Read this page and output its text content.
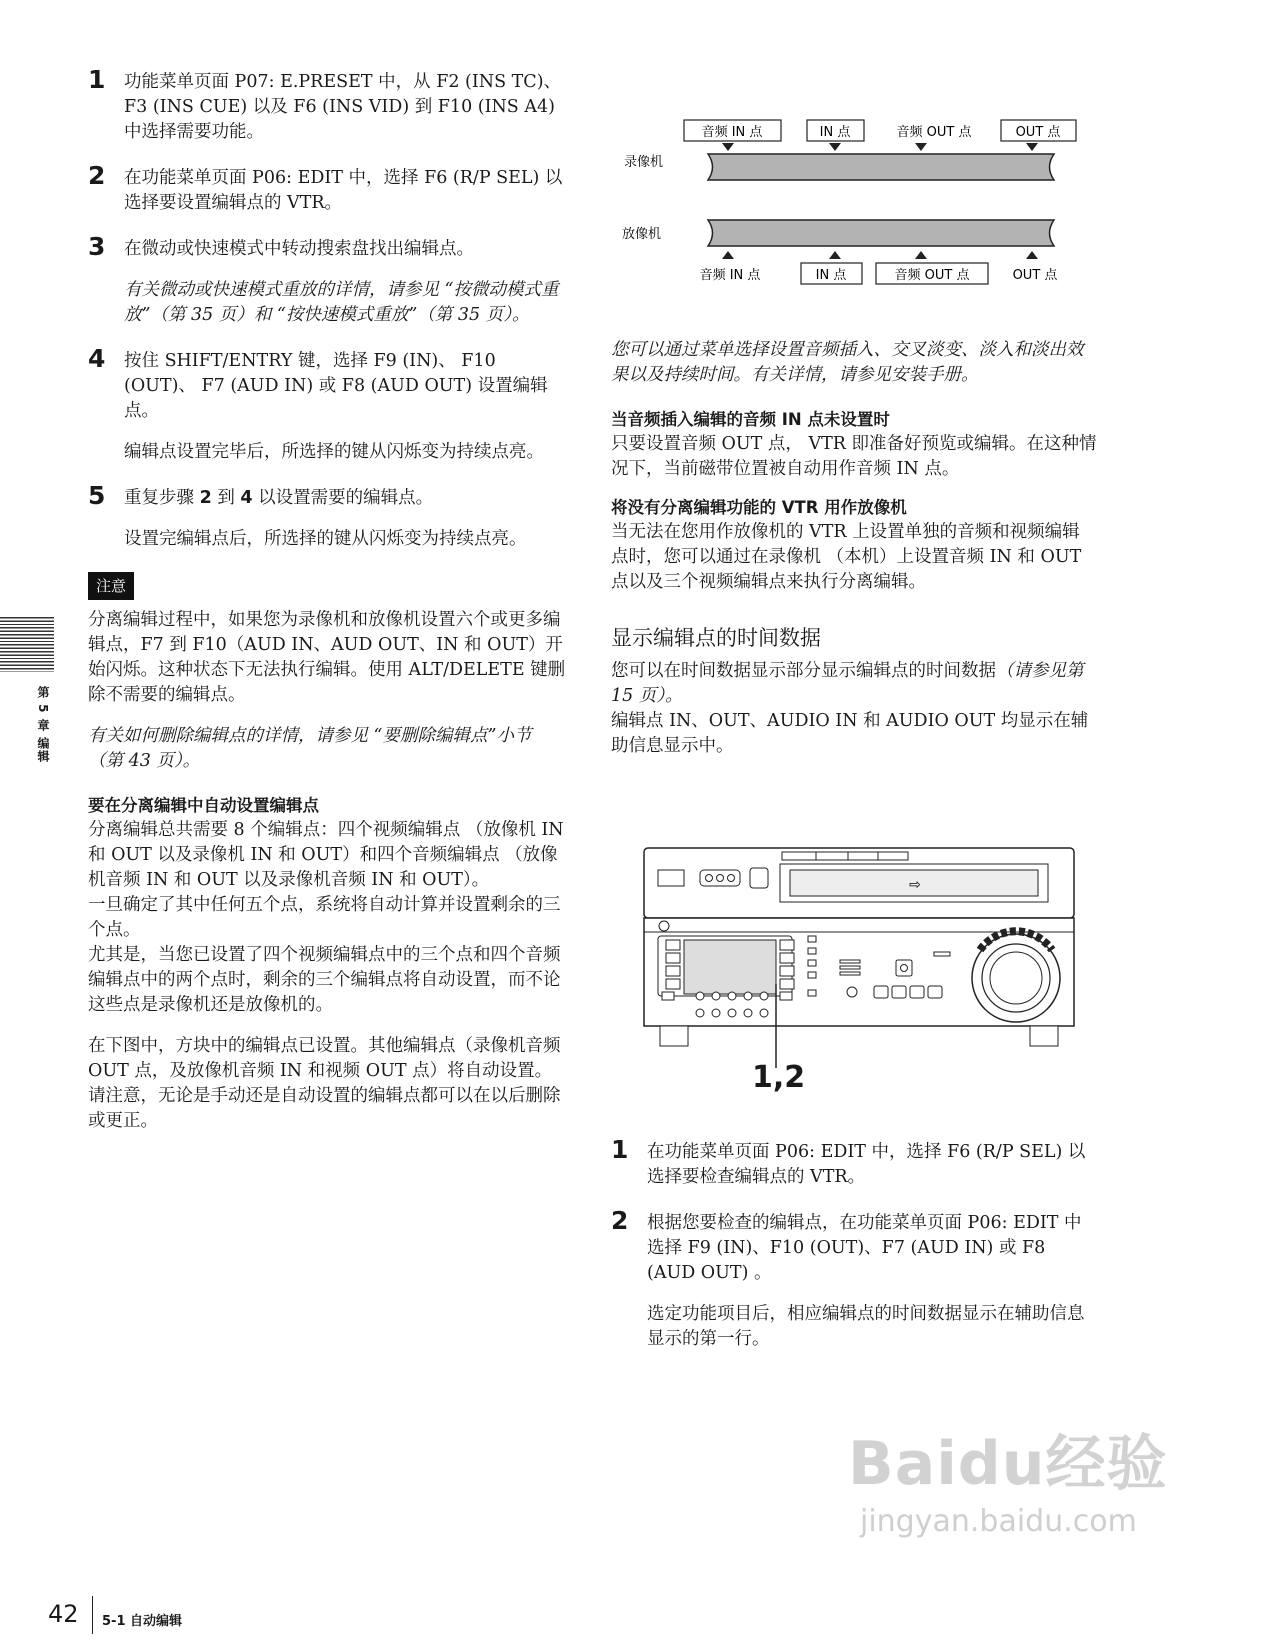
1 功能菜单页面 P07: E.PRESET 中，从 F2 (INS TC)、F3 (INS CUE) 以及 F6 (INS VID) 到 F10 (INS A4) 中选择需要功能。

2 在功能菜单页面 P06: EDIT 中，选择 F6 (R/P SEL) 以选择要设置编辑点的 VTR。

3 在微动或快速模式中转动搜索盘找出编辑点。

有关微动或快速模式重放的详情，请参见 “按微动模式重放”（第 35 页）和 “按快速模式重放”（第 35 页）。

4 按住 SHIFT/ENTRY 键，选择 F9 (IN)、 F10 (OUT)、 F7 (AUD IN) 或 F8 (AUD OUT) 设置编辑点。

编辑点设置完毕后，所选择的键从闪烁变为持续点亮。

5 重复步骤 2 到 4 以设置需要的编辑点。

设置完编辑点后，所选择的键从闪烁变为持续点亮。

注意

分离编辑过程中，如果您为录像机和放像机设置六个或更多编辑点，F7 到 F10（AUD IN、AUD OUT、IN 和 OUT）开始闪烁。这种状态下无法执行编辑。使用 ALT/DELETE 键删除不需要的编辑点。

有关如何删除编辑点的详情，请参见 “要删除编辑点”小节 （第 43 页）。

要在分离编辑中自动设置编辑点

分离编辑总共需要 8 个编辑点：四个视频编辑点 （放像机 IN 和 OUT 以及录像机 IN 和 OUT）和四个音频编辑点 （放像机音频 IN 和 OUT 以及录像机音频 IN 和 OUT）。

一旦确定了其中任何五个点，系统将自动计算并设置剩余的三个点。

尤其是，当您已设置了四个视频编辑点中的三个点和四个音频编辑点中的两个点时，剩余的三个编辑点将自动设置，而不论这些点是录像机还是放像机的。

在下图中，方块中的编辑点已设置。其他编辑点（录像机音频 OUT 点，及放像机音频 IN 和视频 OUT 点）将自动设置。

请注意，无论是手动还是自动设置的编辑点都可以在以后删除或更正。

音频 IN 点	IN 点	音频 OUT 点	OUT 点
录像机
放像机
音频 IN 点	IN 点	音频 OUT 点	OUT 点

您可以通过菜单选择设置音频插入、交叉淡变、淡入和淡出效果以及持续时间。有关详情，请参见安装手册。

当音频插入编辑的音频 IN 点未设置时

只要设置音频 OUT 点， VTR 即准备好预览或编辑。在这种情况下，当前磁带位置被自动用作音频 IN 点。

将没有分离编辑功能的 VTR 用作放像机

当无法在您用作放像机的 VTR 上设置单独的音频和视频编辑点时，您可以通过在录像机 （本机）上设置音频 IN 和 OUT 点以及三个视频编辑点来执行分离编辑。

显示编辑点的时间数据

您可以在时间数据显示部分显示编辑点的时间数据（请参见第 15 页）。

编辑点 IN、OUT、AUDIO IN 和 AUDIO OUT 均显示在辅助信息显示中。

⇨
1,2
1 在功能菜单页面 P06: EDIT 中，选择 F6 (R/P SEL) 以选择要检查编辑点的 VTR。

2 根据您要检查的编辑点，在功能菜单页面 P06: EDIT 中选择 F9 (IN)、F10 (OUT)、F7 (AUD IN) 或 F8 (AUD OUT) 。

选定功能项目后，相应编辑点的时间数据显示在辅助信息显示的第一行。

第 5 章 编辑
42 5-1 自动编辑
Baidu经验
jingyan.baidu.com
